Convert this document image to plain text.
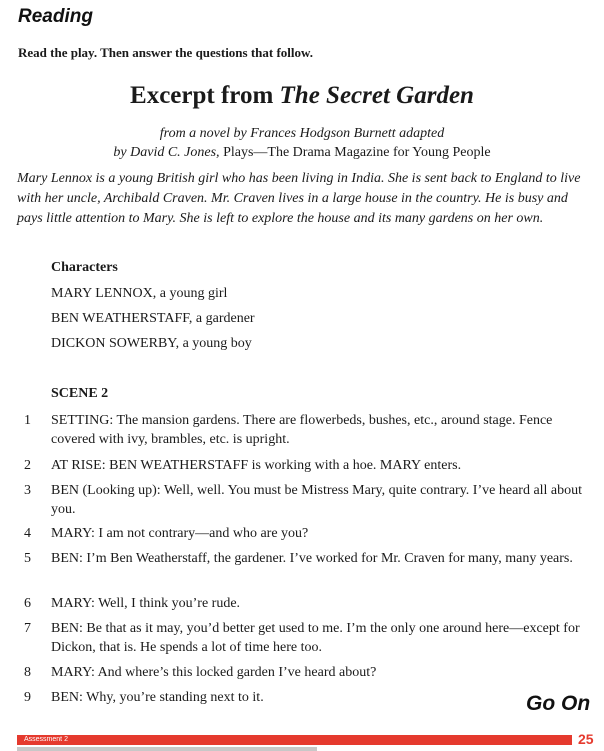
Reading
Read the play. Then answer the questions that follow.
Excerpt from The Secret Garden
from a novel by Frances Hodgson Burnett adapted
by David C. Jones, Plays—The Drama Magazine for Young People
Mary Lennox is a young British girl who has been living in India. She is sent back to England to live with her uncle, Archibald Craven. Mr. Craven lives in a large house in the country. He is busy and pays little attention to Mary. She is left to explore the house and its many gardens on her own.
Characters
MARY LENNOX, a young girl
BEN WEATHERSTAFF, a gardener
DICKON SOWERBY, a young boy
SCENE 2
1 SETTING: The mansion gardens. There are flowerbeds, bushes, etc., around stage. Fence covered with ivy, brambles, etc. is upright.
2 AT RISE: BEN WEATHERSTAFF is working with a hoe. MARY enters.
3 BEN (Looking up): Well, well. You must be Mistress Mary, quite contrary. I’ve heard all about you.
4 MARY: I am not contrary—and who are you?
5 BEN: I’m Ben Weatherstaff, the gardener. I’ve worked for Mr. Craven for many, many years.
6 MARY: Well, I think you’re rude.
7 BEN: Be that as it may, you’d better get used to me. I’m the only one around here—except for Dickon, that is. He spends a lot of time here too.
8 MARY: And where’s this locked garden I’ve heard about?
9 BEN: Why, you’re standing next to it.	Go On
Assessment 2	25
